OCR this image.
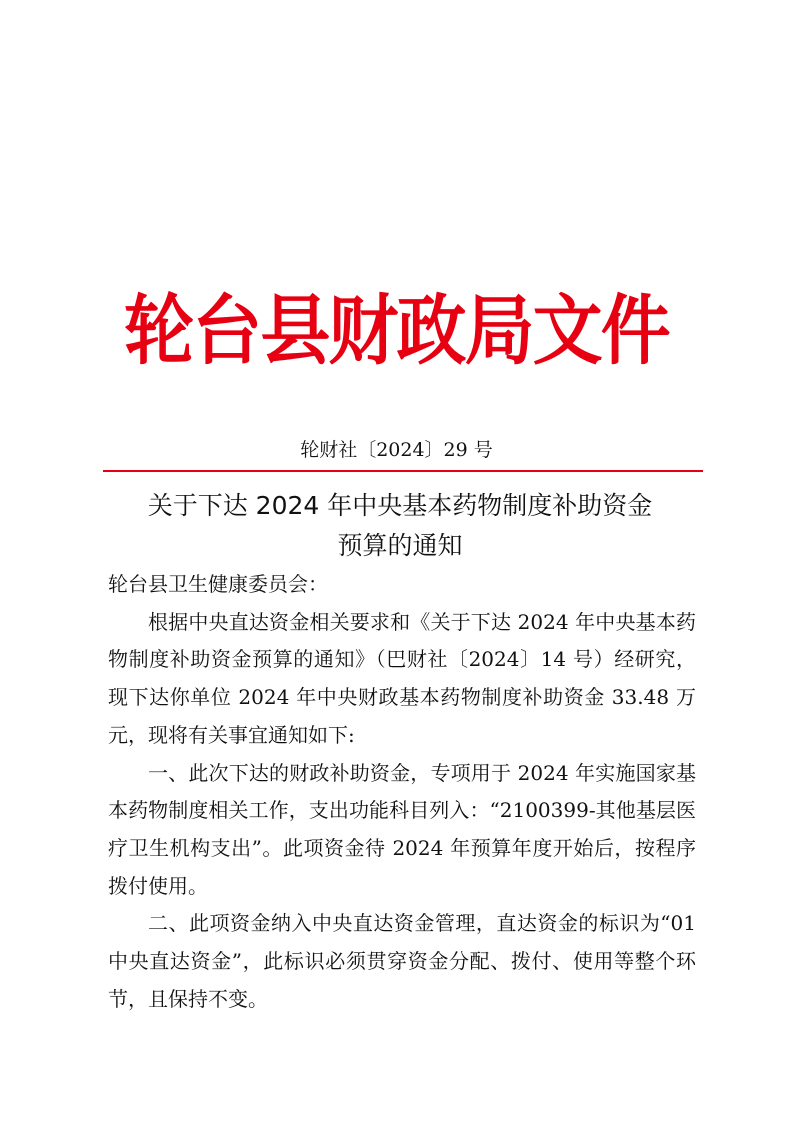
轮台县财政局文件
轮财社〔2024〕29 号
关于下达 2024 年中央基本药物制度补助资金
预算的通知

轮台县卫生健康委员会：

根据中央直达资金相关要求和《关于下达 2024 年中央基本药物制度补助资金预算的通知》（巴财社〔2024〕14 号）经研究，现下达你单位 2024 年中央财政基本药物制度补助资金 33.48 万元，现将有关事宜通知如下:

一、此次下达的财政补助资金，专项用于 2024 年实施国家基本药物制度相关工作，支出功能科目列入：“2100399-其他基层医疗卫生机构支出”。此项资金待 2024 年预算年度开始后，按程序拨付使用。

二、此项资金纳入中央直达资金管理，直达资金的标识为“01 中央直达资金”，此标识必须贯穿资金分配、拨付、使用等整个环节，且保持不变。
